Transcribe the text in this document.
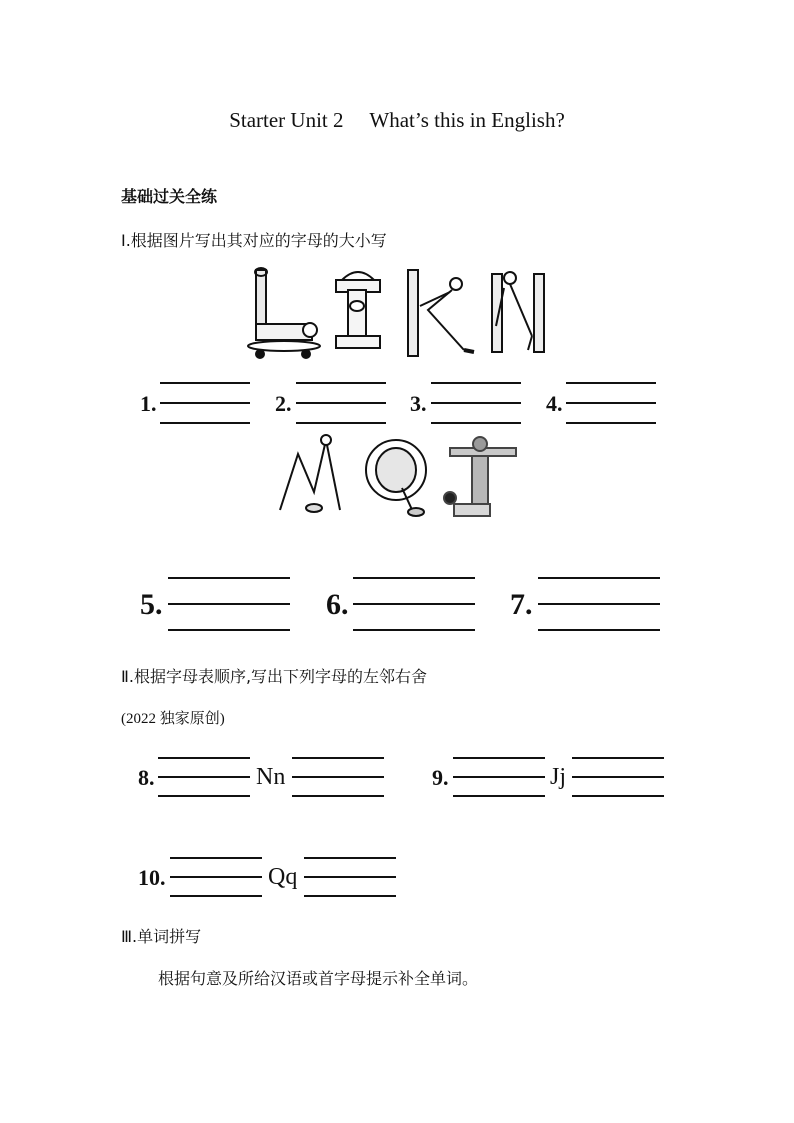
Starter Unit 2　 What’s this in English?
基础过关全练
Ⅰ.根据图片写出其对应的字母的大小写
1.	2.	3.	4.
5.	6.	7.
Ⅱ.根据字母表顺序,写出下列字母的左邻右舍
(2022 独家原创)
8.	Nn	9.	Jj
10.	Qq
Ⅲ.单词拼写
根据句意及所给汉语或首字母提示补全单词。
